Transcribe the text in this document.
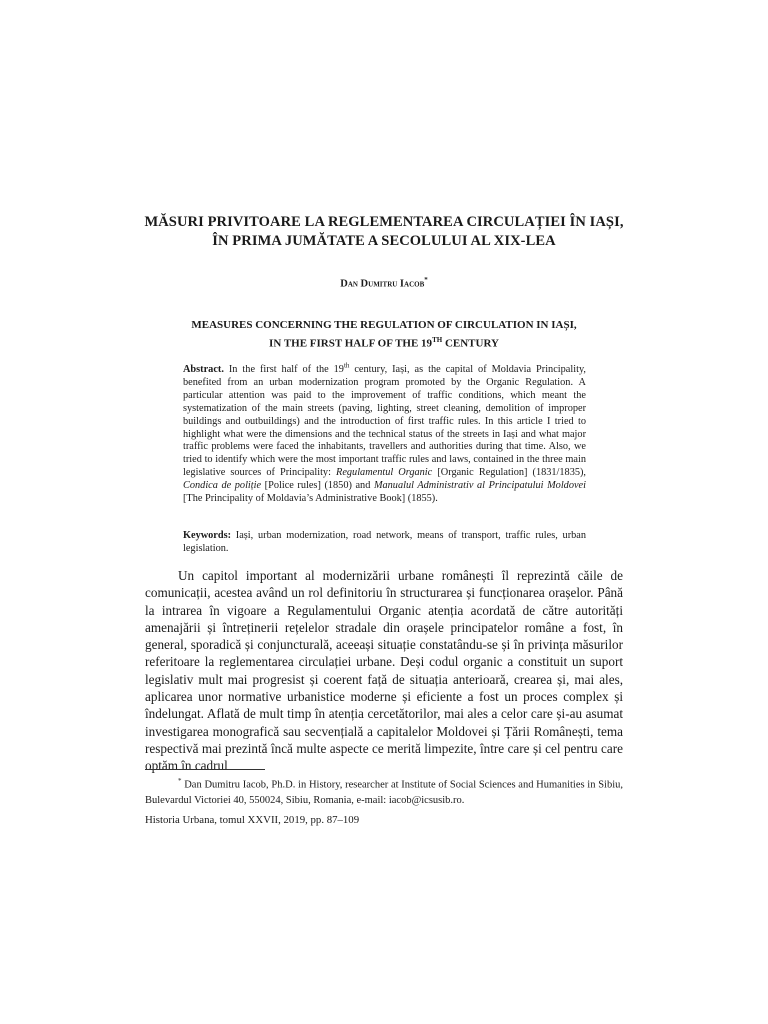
MĂSURI PRIVITOARE LA REGLEMENTAREA CIRCULAȚIEI ÎN IAȘI,
ÎN PRIMA JUMĂTATE A SECOLULUI AL XIX-LEA
Dan Dumitru Iacob*
MEASURES CONCERNING THE REGULATION OF CIRCULATION IN IAȘI,
IN THE FIRST HALF OF THE 19TH CENTURY
Abstract. In the first half of the 19th century, Iași, as the capital of Moldavia Principality, benefited from an urban modernization program promoted by the Organic Regulation. A particular attention was paid to the improvement of traffic conditions, which meant the systematization of the main streets (paving, lighting, street cleaning, demolition of improper buildings and outbuildings) and the introduction of first traffic rules. In this article I tried to highlight what were the dimensions and the technical status of the streets in Iași and what major traffic problems were faced the inhabitants, travellers and authorities during that time. Also, we tried to identify which were the most important traffic rules and laws, contained in the three main legislative sources of Principality: Regulamentul Organic [Organic Regulation] (1831/1835), Condica de poliție [Police rules] (1850) and Manualul Administrativ al Principatului Moldovei [The Principality of Moldavia’s Administrative Book] (1855).
Keywords: Iași, urban modernization, road network, means of transport, traffic rules, urban legislation.
Un capitol important al modernizării urbane românești îl reprezintă căile de comunicații, acestea având un rol definitoriu în structurarea și funcționarea orașelor. Până la intrarea în vigoare a Regulamentului Organic atenția acordată de către autorități amenajării și întreținerii rețelelor stradale din orașele principatelor române a fost, în general, sporadică și conjuncturală, aceeași situație constatându-se și în privința măsurilor referitoare la reglementarea circulației urbane. Deși codul organic a constituit un suport legislativ mult mai progresist și coerent față de situația anterioară, crearea și, mai ales, aplicarea unor normative urbanistice moderne și eficiente a fost un proces complex și îndelungat. Aflată de mult timp în atenția cercetătorilor, mai ales a celor care și-au asumat investigarea monografică sau secvențială a capitalelor Moldovei și Țării Românești, tema respectivă mai prezintă încă multe aspecte ce merită limpezite, între care și cel pentru care optăm în cadrul
* Dan Dumitru Iacob, Ph.D. in History, researcher at Institute of Social Sciences and Humanities in Sibiu, Bulevardul Victoriei 40, 550024, Sibiu, Romania, e-mail: iacob@icsusib.ro.
Historia Urbana, tomul XXVII, 2019, pp. 87–109
